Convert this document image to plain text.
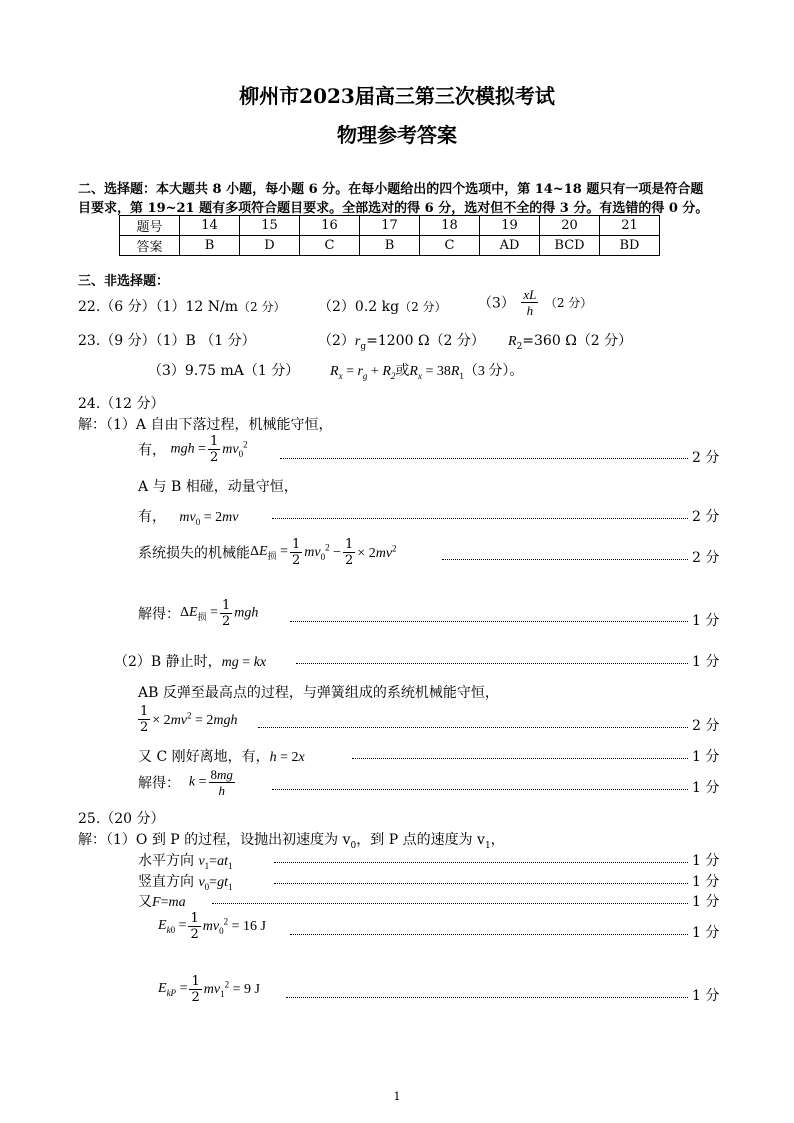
柳州市2023届高三第三次模拟考试
物理参考答案
二、选择题：本大题共 8 小题，每小题 6 分。在每小题给出的四个选项中，第 14~18 题只有一项是符合题
目要求，第 19~21 题有多项符合题目要求。全部选对的得 6 分，选对但不全的得 3 分。有选错的得 0 分。
题号	14	15	16	17	18	19	20	21
答案	B	D	C	B	C	AD	BCD	BD
三、非选择题：
22.（6 分）（1）12 N/m（2 分） （2）0.2 kg（2 分） $(3) \frac{xL}{h} (2$ 分）
23.（9 分）（1）B （1 分）	$(2)r_g=1200$ Ω（2 分） $R_2=360$ Ω（2 分）
（3）9.75 mA（1 分） $R_x = r_g + R_2$或$R_x = 38R_1(3$ 分）。
24.（12 分）
解：（1）A 自由下落过程，机械能守恒，
有， mgh = $\frac{1}{2} mv_0^2$
2 分
A 与 B 相碰，动量守恒，
有， $mv_0 = 2mv$	2 分
系统损失的机械能$\Delta E_损 = \frac{1}{2} mv_0^2 - \frac{1}{2} \times 2mv^2$
2 分
解得：$\Delta E_损 = \frac{1}{2}$ mgh	1 分
（2）B 静止时，mg = kx	1 分
AB 反弹至最高点的过程，与弹簧组成的系统机械能守恒，
$\frac{1}{2} \times 2mv^2 = 2mgh$	2 分
又 C 刚好离地，有，h = 2x	1 分
解得： $k = \frac{8mg}{h}$	1 分
25.（20 分）
解：（1）O 到 P 的过程，设抛出初速度为 $v_0$，到 P 点的速度为 $v_1$，
水平方向 $v_1=at_1$	1 分
竖直方向 $v_0=gt_1$	1 分
又F=ma	1 分
$E_{k0} = \frac{1}{2} mv_0^2 = 16$ J	1 分
$E_{kP} = \frac{1}{2} mv_1^2 = 9$ J	1 分
1
